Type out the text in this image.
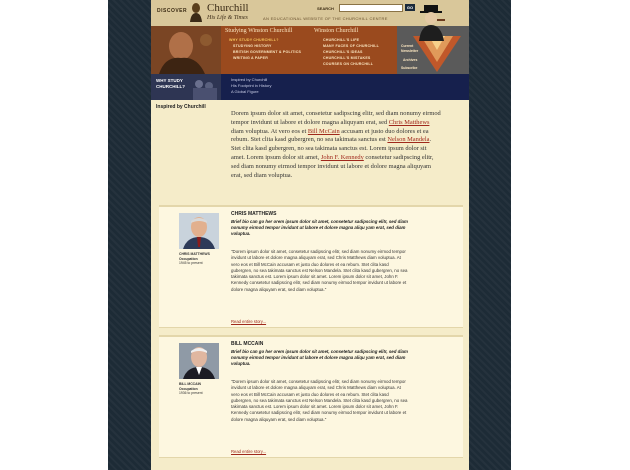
DISCOVER Churchill
His Life & Times	AN EDUCATIONAL WEBSITE OF THE CHURCHILL CENTRE
SEARCH	GO
Studying Winston Churchill
WHY STUDY CHURCHILL?
STUDYING HISTORY
BRITISH GOVERNMENT & POLITICS
WRITING A PAPER
Winston Churchill
CHURCHILL'S LIFE
MANY FACES OF CHURCHILL
CHURCHILL'S IDEAS
CHURCHILL'S MISTAKES
COURSES ON CHURCHILL
Current Newsletter
Archives
Subscribe
WHY STUDY
CHURCHILL?
Inspired by Churchill
His Footprint in History
A Global Figure
Inspired by Churchill

Dorem ipsum dolor sit amet, consetetur sadipscing elitr, sed diam nonumy eirmod tempor invidunt ut labore et dolore magna aliquyam erat, sed Chris Matthews diam voluptua. At vero eos et Bill McCain accusam et justo duo dolores et ea rebum. Stet clita kasd gubergren, no sea takimata sanctus est Nelson Mandela. Stet clita kasd gubergren, no sea takimata sanctus est. Lorem ipsum dolor sit amet. Lorem ipsum dolor sit amet, John F. Kennedy consetetur sadipscing elitr, sed diam nonumy eirmod tempor invidunt ut labore et dolore magna aliquyam erat, sed diam voluptua.

CHRIS MATTHEWS
Occupation
1945 to present
CHRIS MATTHEWS

Brief bio can go her orem ipsum dolor sit amet, consetetur sadipscing elitr, sed diam nonumy eirmod tempor invidunt ut labore et dolore magna aliqu yam erat, sed diam voluptua.

"Dorem ipsum dolor sit amet, consetetur sadipscing elitr, sed diam nonumy eirmod tempor invidunt ut labore et dolore magna aliquyam erat, sed Chris Matthews diam voluptua. At vero eos et Bill McCain accusam et justo duo dolores et ea rebum. Stet clita kasd gubergren, no sea takimata sanctus est Nelson Mandela. Stet clita kasd gubergren, no sea takimata sanctus est. Lorem ipsum dolor sit amet. Lorem ipsum dolor sit amet, John F. Kennedy consetetur sadipscing elitr, sed diam nonumy eirmod tempor invidunt ut labore et dolore magna aliquyam erat, sed diam voluptua."

Read entire story...
BILL MCCAIN
Occupation
1936 to present
BILL MCCAIN

Brief bio can go her orem ipsum dolor sit amet, consetetur sadipscing elitr, sed diam nonumy eirmod tempor invidunt ut labore et dolore magna aliqu yam erat, sed diam voluptua.

"Dorem ipsum dolor sit amet, consetetur sadipscing elitr, sed diam nonumy eirmod tempor invidunt ut labore et dolore magna aliquyam erat, sed Chris Matthews diam voluptua. At vero eos et Bill McCain accusam et justo duo dolores et ea rebum. Stet clita kasd gubergren, no sea takimata sanctus est Nelson Mandela. Stet clita kasd gubergren, no sea takimata sanctus est. Lorem ipsum dolor sit amet. Lorem ipsum dolor sit amet, John F. Kennedy consetetur sadipscing elitr, sed diam nonumy eirmod tempor invidunt ut labore et dolore magna aliquyam erat, sed diam voluptua."

Read entire story...
